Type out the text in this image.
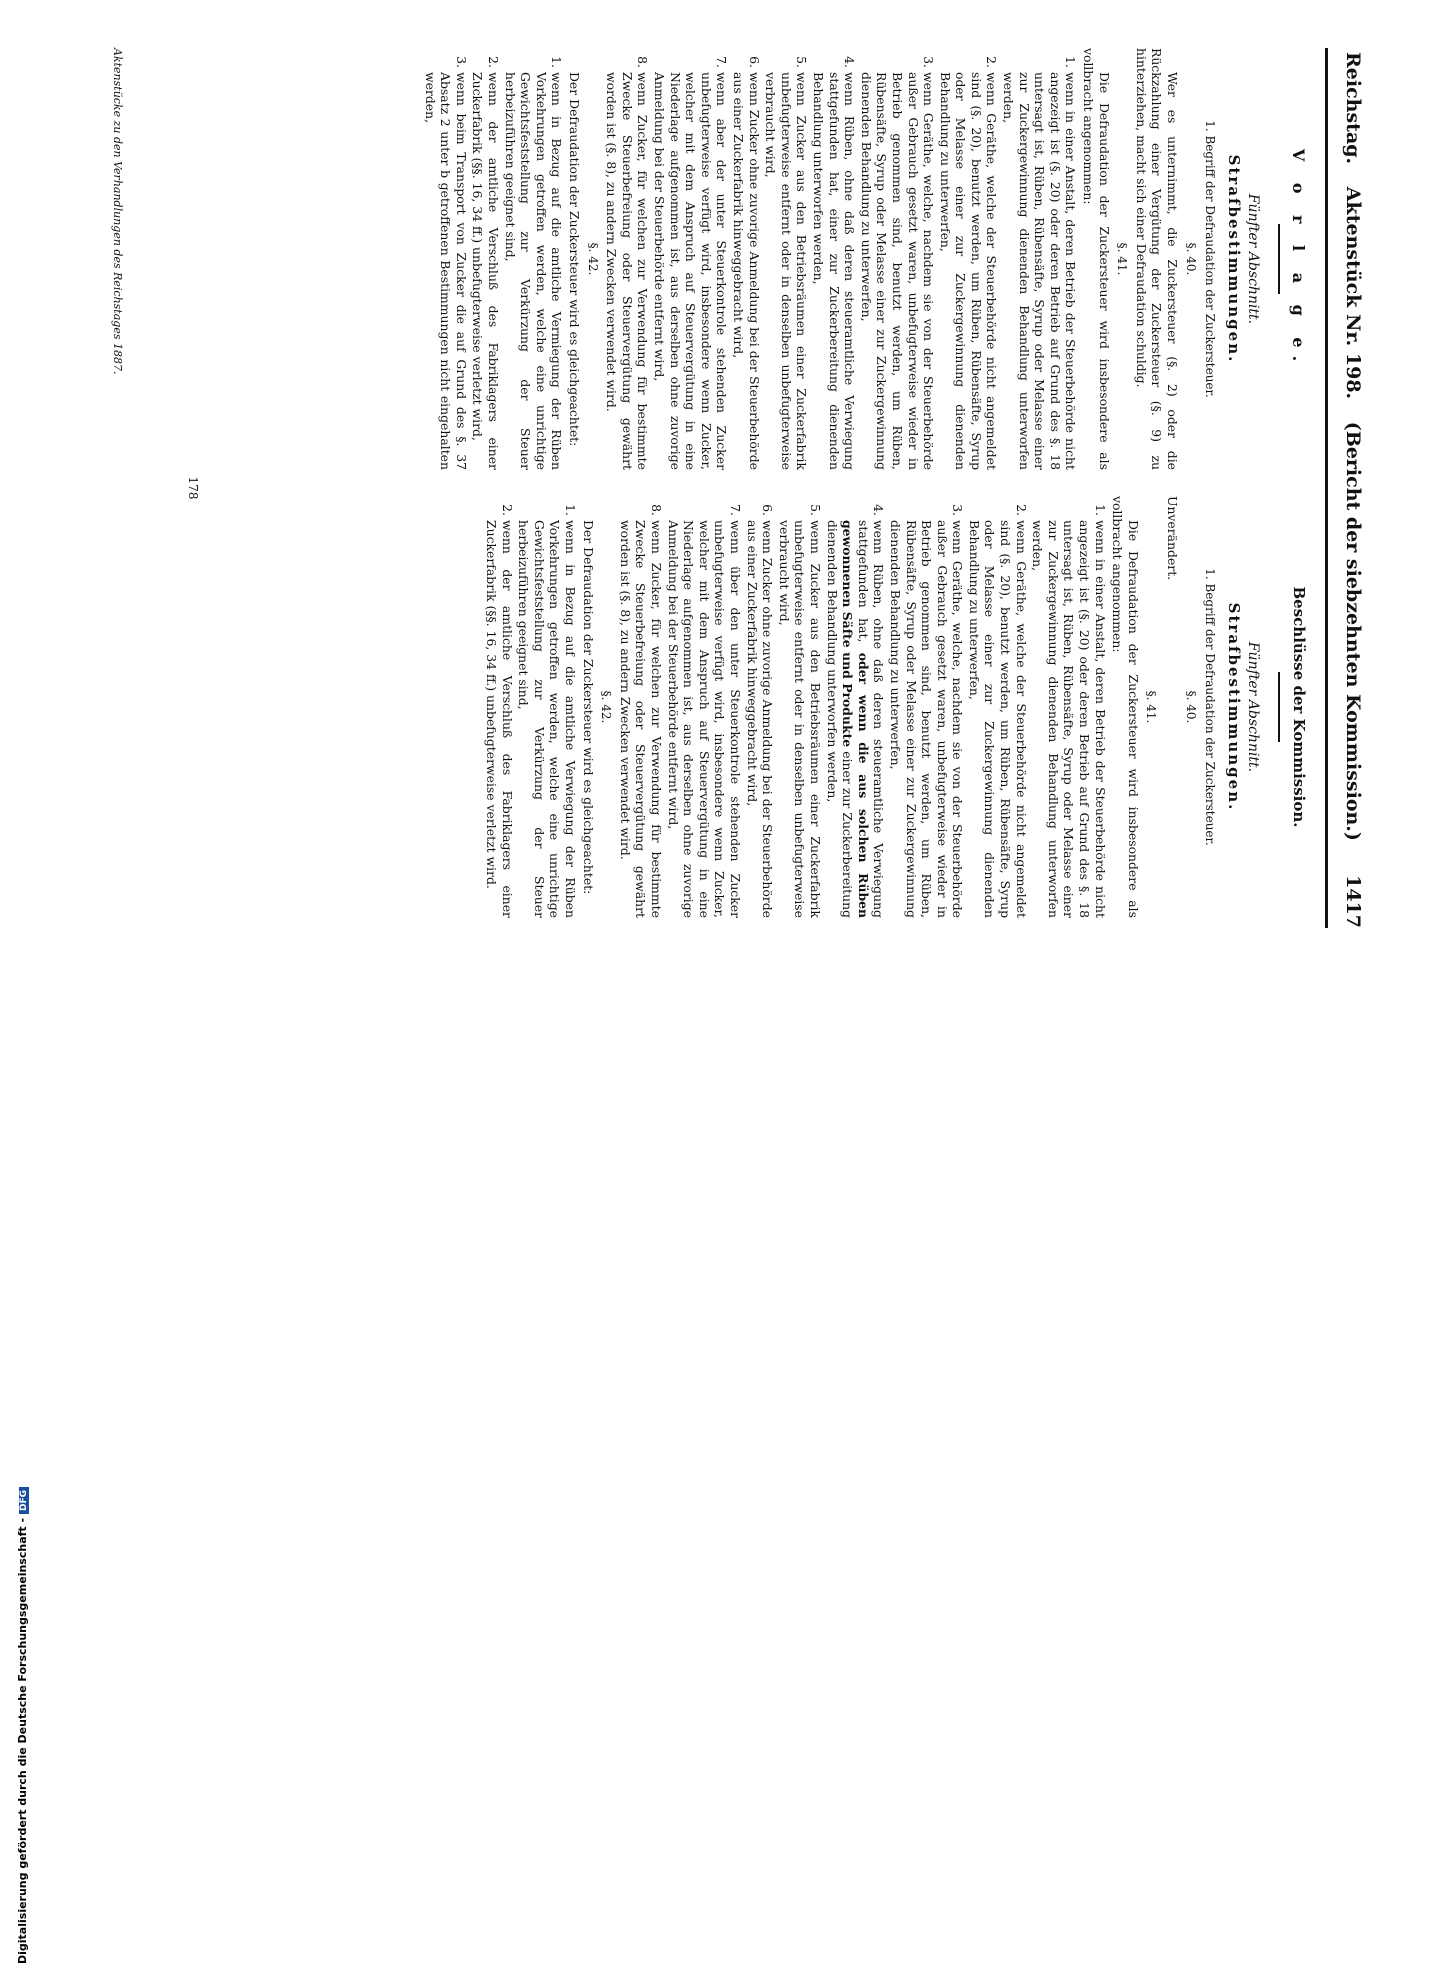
Reichstag. Aktenstück Nr. 198. (Bericht der siebzehnten Kommission.)
1417
V o r l a g e.
Fünfter Abschnitt.
Strafbestimmungen.
1. Begriff der Defraudation der Zuckersteuer.
§. 40.

Wer es unternimmt, die Zuckersteuer (§. 2) oder die Rückzahlung einer Vergütung der Zuckersteuer (§. 9) zu hinterziehen, macht sich einer Defraudation schuldig.

§. 41.

Die Defraudation der Zuckersteuer wird insbesondere als vollbracht angenommen:

1.
wenn in einer Anstalt, deren Betrieb der Steuerbehörde nicht angezeigt ist (§. 20) oder deren Betrieb auf Grund des §. 18 untersagt ist, Rüben, Rübensäfte, Syrup oder Melasse einer zur Zuckergewinnung dienenden Behandlung unterworfen werden,
2.
wenn Geräthe, welche der Steuerbehörde nicht angemeldet sind (§. 20), benutzt werden, um Rüben, Rübensäfte, Syrup oder Melasse einer zur Zuckergewinnung dienenden Behandlung zu unterwerfen,
3.
wenn Geräthe, welche, nachdem sie von der Steuerbehörde außer Gebrauch gesetzt waren, unbefugterweise wieder in Betrieb genommen sind, benutzt werden, um Rüben, Rübensäfte, Syrup oder Melasse einer zur Zuckergewinnung dienenden Behandlung zu unterwerfen,
4.
wenn Rüben, ohne daß deren steueramtliche Verwiegung stattgefunden hat, einer zur Zuckerbereitung dienenden Behandlung unterworfen werden,
5.
wenn Zucker aus den Betriebsräumen einer Zuckerfabrik unbefugterweise entfernt oder in denselben unbefugterweise verbraucht wird,
6.
wenn Zucker ohne zuvorige Anmeldung bei der Steuerbehörde aus einer Zuckerfabrik hinweggebracht wird,
7.
wenn aber der unter Steuerkontrole stehenden Zucker unbefugterweise verfügt wird, insbesondere wenn Zucker, welcher mit dem Anspruch auf Steuervergütung in eine Niederlage aufgenommen ist, aus derselben ohne zuvorige Anmeldung bei der Steuerbehörde entfernt wird,
8.
wenn Zucker, für welchen zur Verwendung für bestimmte Zwecke Steuerbefreiung oder Steuervergütung gewährt worden ist (§. 8), zu andern Zwecken verwendet wird.
§. 42.

Der Defraudation der Zuckersteuer wird es gleichgeachtet:

1.
wenn in Bezug auf die amtliche Vermiegung der Rüben Vorkehrungen getroffen werden, welche eine unrichtige Gewichtsfeststellung zur Verkürzung der Steuer herbeizuführen geeignet sind,
2.
wenn der amtliche Verschluß des Fabriklagers einer Zuckerfabrik (§§. 16, 34 ff.) unbefugterweise verletzt wird,
3.
wenn beim Transport von Zucker die auf Grund des §. 37 Absatz 2 unter b getroffenen Bestimmungen nicht eingehalten werden,
Beschlüsse der Kommission.
Fünfter Abschnitt.
Strafbestimmungen.
1. Begriff der Defraudation der Zuckersteuer.
§. 40.

Unverändert.

§. 41.

Die Defraudation der Zuckersteuer wird insbesondere als vollbracht angenommen:

1.
wenn in einer Anstalt, deren Betrieb der Steuerbehörde nicht angezeigt ist (§. 20) oder deren Betrieb auf Grund des §. 18 untersagt ist, Rüben, Rübensäfte, Syrup oder Melasse einer zur Zuckergewinnung dienenden Behandlung unterworfen werden,
2.
wenn Geräthe, welche der Steuerbehörde nicht angemeldet sind (§. 20), benutzt werden, um Rüben, Rübensäfte, Syrup oder Melasse einer zur Zuckergewinnung dienenden Behandlung zu unterwerfen,
3.
wenn Geräthe, welche, nachdem sie von der Steuerbehörde außer Gebrauch gesetzt waren, unbefugterweise wieder in Betrieb genommen sind, benutzt werden, um Rüben, Rübensäfte, Syrup oder Melasse einer zur Zuckergewinnung dienenden Behandlung zu unterwerfen,
4.
wenn Rüben, ohne daß deren steueramtliche Verwiegung stattgefunden hat, oder wenn die aus solchen Rüben gewonnenen Säfte und Produkte einer zur Zuckerbereitung dienenden Behandlung unterworfen werden,
5.
wenn Zucker aus den Betriebsräumen einer Zuckerfabrik unbefugterweise entfernt oder in denselben unbefugterweise verbraucht wird,
6.
wenn Zucker ohne zuvorige Anmeldung bei der Steuerbehörde aus einer Zuckerfabrik hinweggebracht wird,
7.
wenn über den unter Steuerkontrole stehenden Zucker unbefugterweise verfügt wird, insbesondere wenn Zucker, welcher mit dem Anspruch auf Steuervergütung in eine Niederlage aufgenommen ist, aus derselben ohne zuvorige Anmeldung bei der Steuerbehörde entfernt wird,
8.
wenn Zucker, für welchen zur Verwendung für bestimmte Zwecke Steuerbefreiung oder Steuervergütung gewährt worden ist (§. 8), zu andern Zwecken verwendet wird.
§. 42.

Der Defraudation der Zuckersteuer wird es gleichgeachtet:

1.
wenn in Bezug auf die amtliche Verwiegung der Rüben Vorkehrungen getroffen werden, welche eine unrichtige Gewichtsfeststellung zur Verkürzung der Steuer herbeizuführen geeignet sind,
2.
wenn der amtliche Verschluß des Fabriklagers einer Zuckerfabrik (§§. 16, 34 ff.) unbefugterweise verletzt wird.
178
Aktenstücke zu den Verhandlungen des Reichstages 1887.
Digitalisierung gefördert durch die Deutsche Forschungsgemeinschaft -DFG
